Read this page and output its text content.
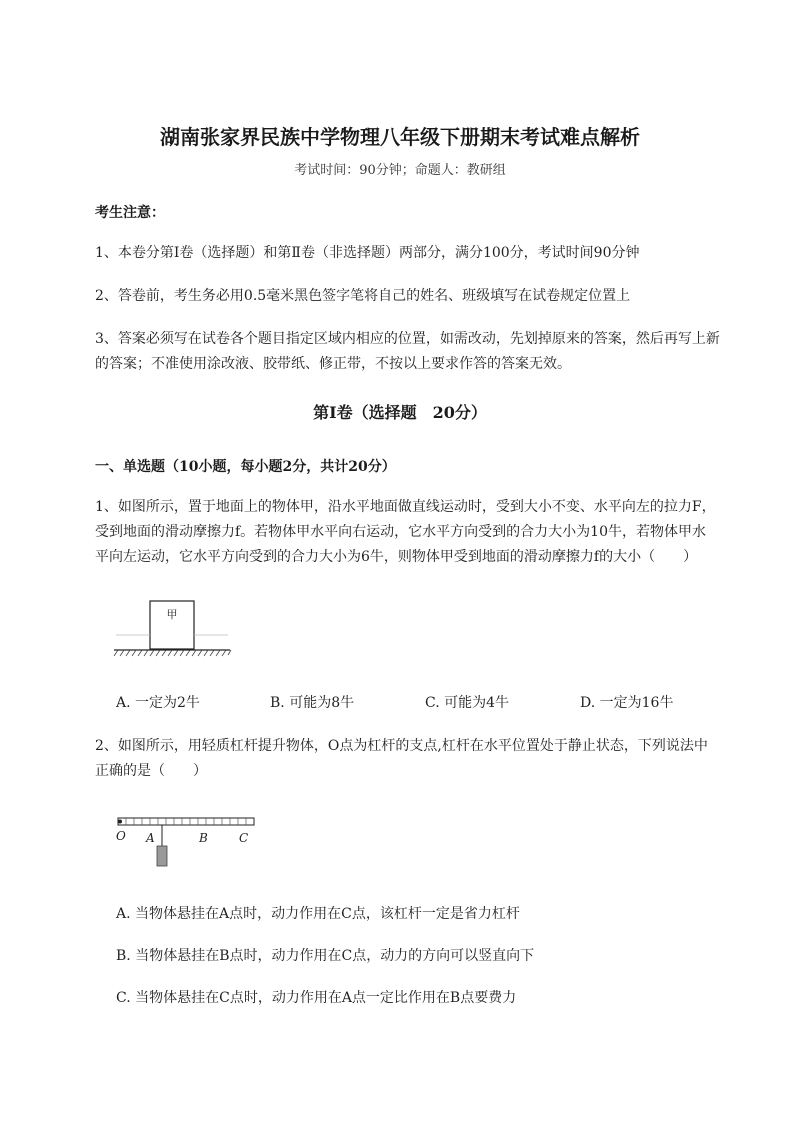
湖南张家界民族中学物理八年级下册期末考试难点解析
考试时间：90分钟；命题人：教研组
考生注意：
1、本卷分第I卷（选择题）和第Ⅱ卷（非选择题）两部分，满分100分，考试时间90分钟
2、答卷前，考生务必用0.5毫米黑色签字笔将自己的姓名、班级填写在试卷规定位置上
3、答案必须写在试卷各个题目指定区域内相应的位置，如需改动，先划掉原来的答案，然后再写上新
的答案；不准使用涂改液、胶带纸、修正带，不按以上要求作答的答案无效。
第I卷（选择题　20分）
一、单选题（10小题，每小题2分，共计20分）
1、如图所示，置于地面上的物体甲，沿水平地面做直线运动时，受到大小不变、水平向左的拉力F，
受到地面的滑动摩擦力f。若物体甲水平向右运动，它水平方向受到的合力大小为10牛，若物体甲水
平向左运动，它水平方向受到的合力大小为6牛，则物体甲受到地面的滑动摩擦力f的大小（　　）
甲
A. 一定为2牛	B. 可能为8牛	C. 可能为4牛	D. 一定为16牛
2、如图所示，用轻质杠杆提升物体，O点为杠杆的支点,杠杆在水平位置处于静止状态，下列说法中
正确的是（　　）
O A	B	C
A. 当物体悬挂在A点时，动力作用在C点，该杠杆一定是省力杠杆
B. 当物体悬挂在B点时，动力作用在C点，动力的方向可以竖直向下
C. 当物体悬挂在C点时，动力作用在A点一定比作用在B点要费力
